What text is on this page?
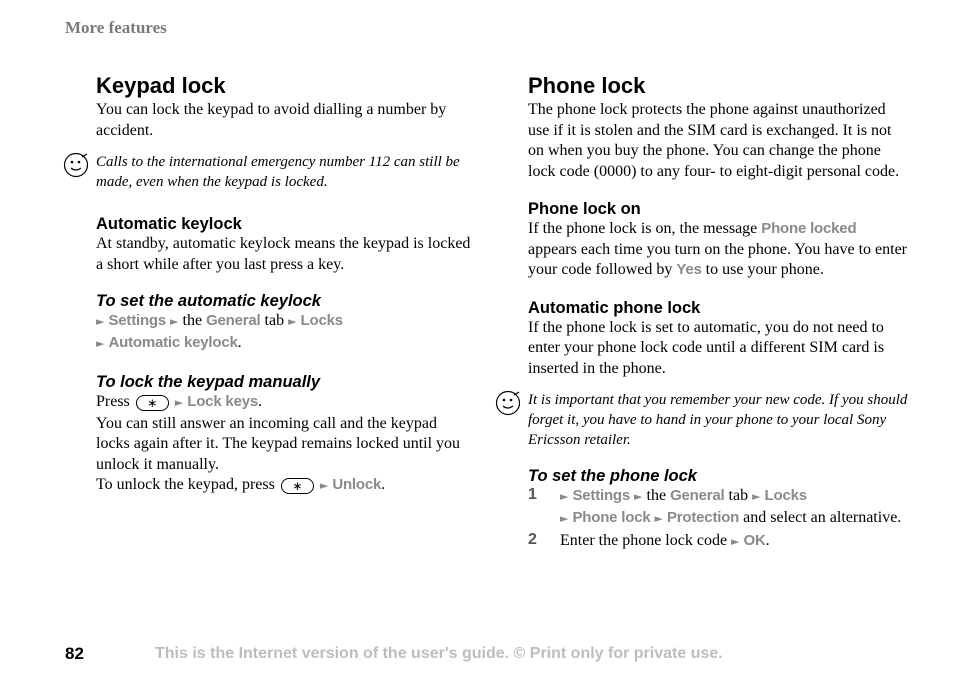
More features
Keypad lock

You can lock the keypad to avoid dialling a number by accident.

Calls to the international emergency number 112 can still be made, even when the keypad is locked.
Automatic keylock

At standby, automatic keylock means the keypad is locked a short while after you last press a key.

To set the automatic keylock

► Settings ► the General tab ► Locks
► Automatic keylock.

To lock the keypad manually

Press ∗ ► Lock keys.

You can still answer an incoming call and the keypad locks again after it. The keypad remains locked until you unlock it manually.

To unlock the keypad, press ∗ ► Unlock.

Phone lock

The phone lock protects the phone against unauthorized use if it is stolen and the SIM card is exchanged. It is not on when you buy the phone. You can change the phone lock code (0000) to any four- to eight-digit personal code.

Phone lock on

If the phone lock is on, the message Phone locked appears each time you turn on the phone. You have to enter your code followed by Yes to use your phone.

Automatic phone lock

If the phone lock is set to automatic, you do not need to enter your phone lock code until a different SIM card is inserted in the phone.

It is important that you remember your new code. If you should forget it, you have to hand in your phone to your local Sony Ericsson retailer.
To set the phone lock
1 ► Settings ► the General tab ► Locks
► Phone lock ► Protection and select an alternative.

2 Enter the phone lock code ► OK.

82	This is the Internet version of the user's guide. © Print only for private use.
